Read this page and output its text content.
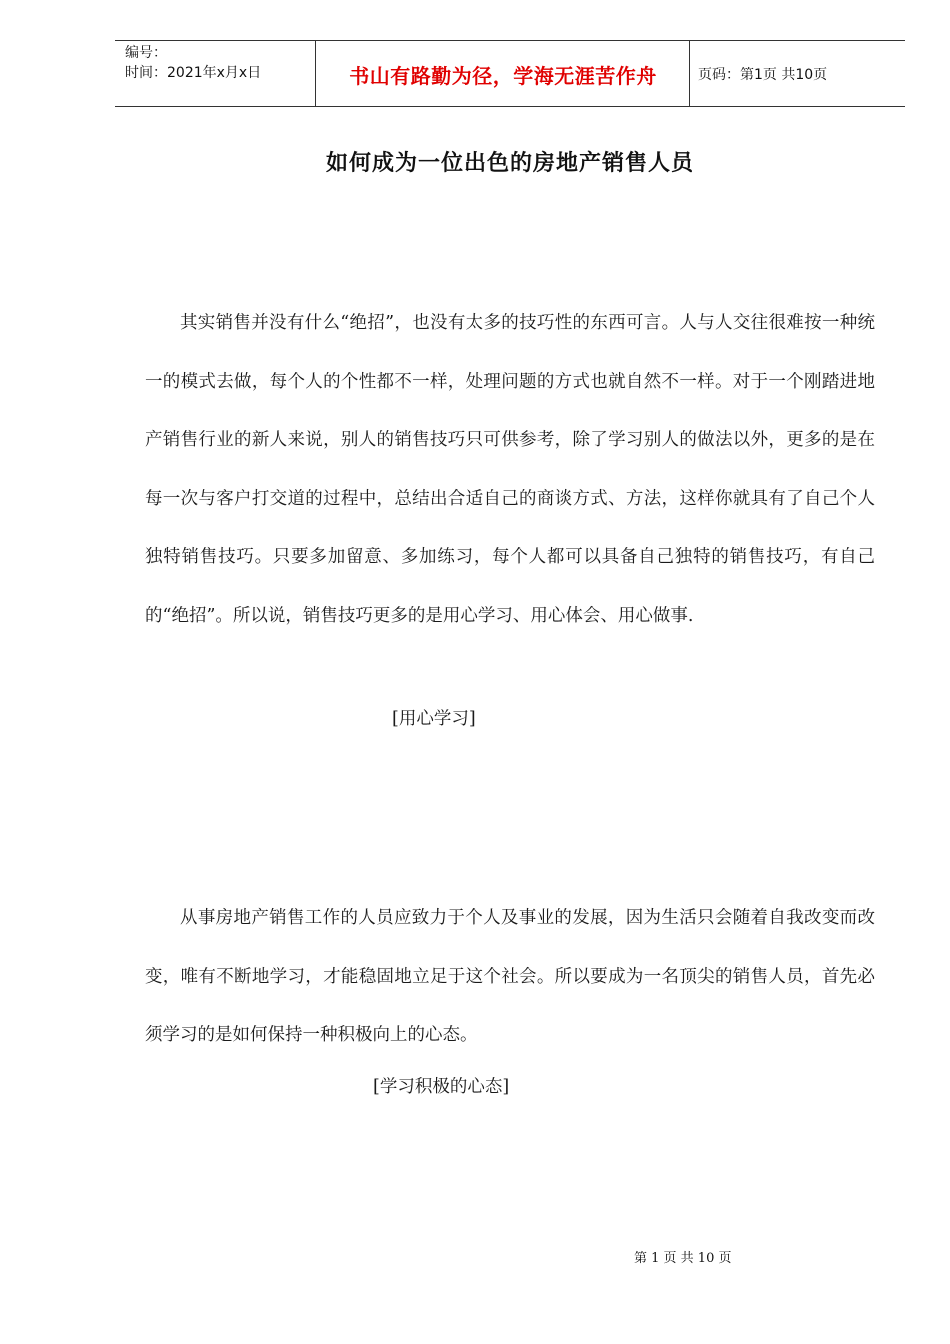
编号：
时间：2021年x月x日	书山有路勤为径，学海无涯苦作舟	页码：第1页 共10页
如何成为一位出色的房地产销售人员

其实销售并没有什么“绝招”，也没有太多的技巧性的东西可言。人与人交往很难按一种统一的模式去做，每个人的个性都不一样，处理问题的方式也就自然不一样。对于一个刚踏进地产销售行业的新人来说，别人的销售技巧只可供参考，除了学习别人的做法以外，更多的是在每一次与客户打交道的过程中，总结出合适自己的商谈方式、方法，这样你就具有了自己个人独特销售技巧。只要多加留意、多加练习，每个人都可以具备自己独特的销售技巧，有自己的“绝招”。所以说，销售技巧更多的是用心学习、用心体会、用心做事.

[用心学习]

从事房地产销售工作的人员应致力于个人及事业的发展，因为生活只会随着自我改变而改变，唯有不断地学习，才能稳固地立足于这个社会。所以要成为一名顶尖的销售人员，首先必须学习的是如何保持一种积极向上的心态。

[学习积极的心态]
第 1 页 共 10 页
